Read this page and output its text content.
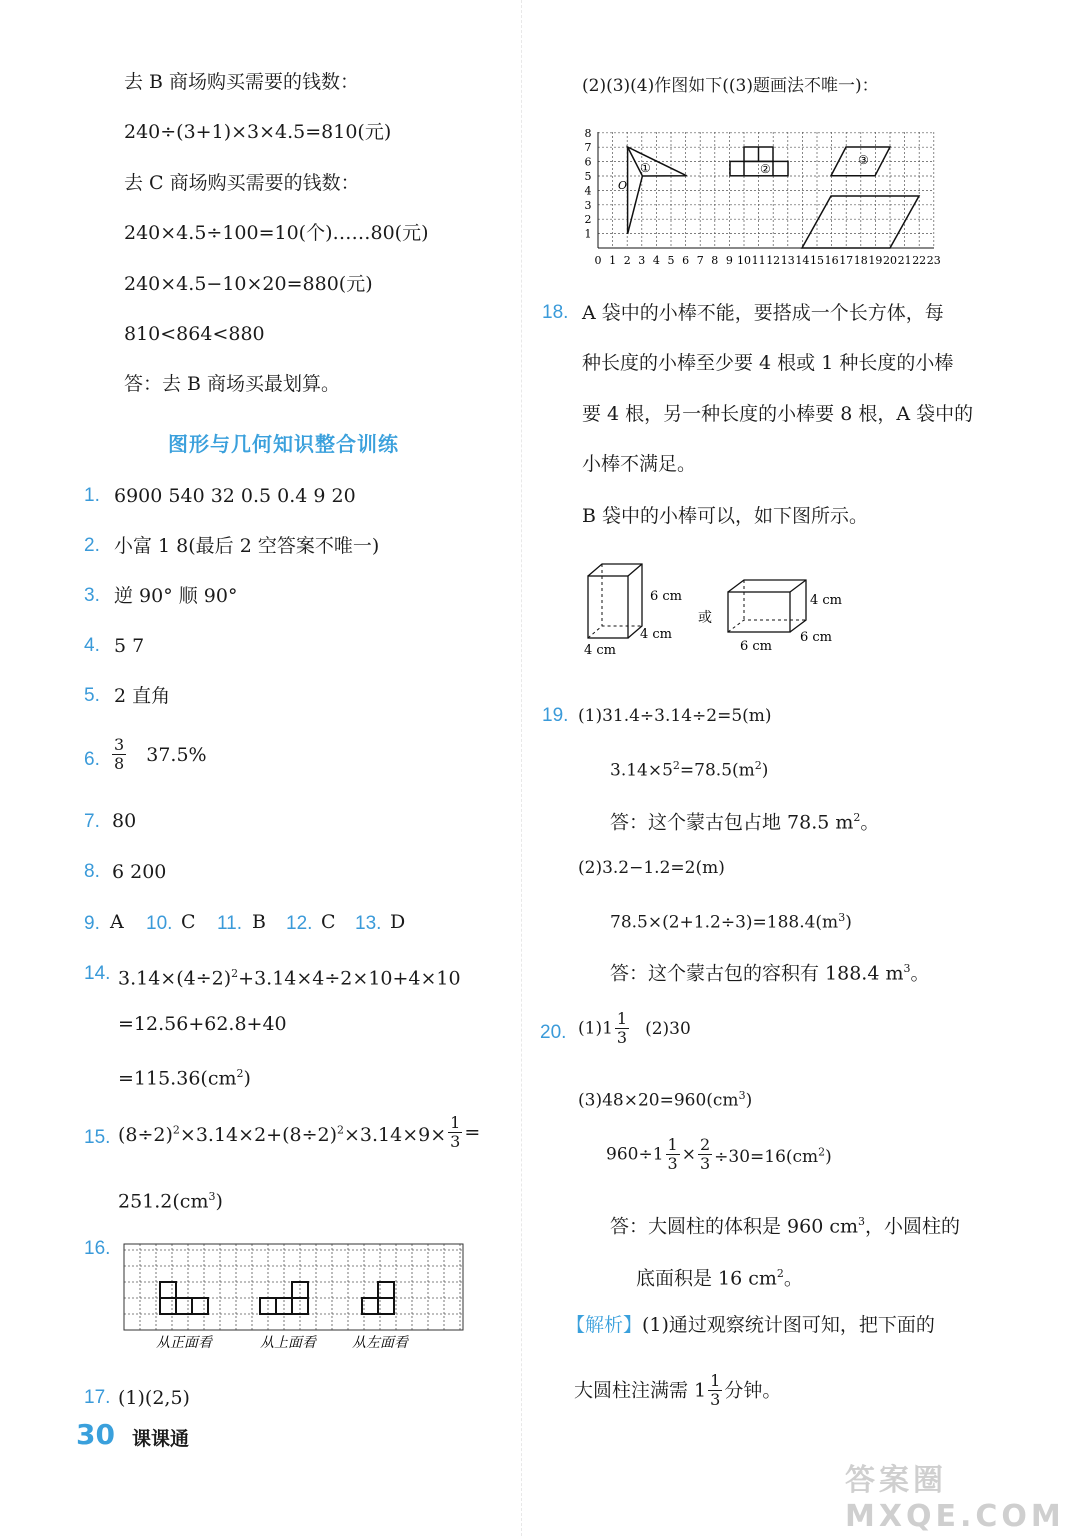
去 B 商场购买需要的钱数：
240÷(3+1)×3×4.5=810(元)
去 C 商场购买需要的钱数：
240×4.5÷100=10(个)……80(元)
240×4.5−10×20=880(元)
810<864<880
答：去 B 商场买最划算。
图形与几何知识整合训练
1. 6900 540 32 0.5 0.4 9 20
2. 小富 1 8(最后 2 空答案不唯一)
3. 逆 90° 顺 90°
4. 5 7
5. 2 直角
6. $\frac{3}{8} 37.5\%$
7. 80
8. 6 200
9. A 10. C 11. B 12. C 13. D
14. $3.14\times(4\div 2)^2+3.14\times 4\div 2\times 10+4\times 10$
=12.56+62.8+40
$=115.36(cm^2)$
15. $(8\div 2)^2\times 3.14\times 2+(8\div 2)^2\times 3.14\times 9\times \frac{1}{3}$ =
$251.2(cm^3)$
16.
从正面看	从上面看	从左面看
17. (1)(2,5)
30 课课通
(2)(3)(4)作图如下((3)题画法不唯一)：
0 1 2 3 4 5 6 7 8 9 10 11 12 13 14 15 16 17 18 19 20 21 22 23
1
2
3
4
5
6
7
8
①
O
②
③
18. A 袋中的小棒不能，要搭成一个长方体，每
种长度的小棒至少要 4 根或 1 种长度的小棒
要 4 根，另一种长度的小棒要 8 根，A 袋中的
小棒不满足。
B 袋中的小棒可以，如下图所示。
6 cm
4 cm
4 cm
或
4 cm
6 cm
6 cm
19. (1)31.4÷3.14÷2=5(m)
$3.14\times 5^2=78.5(m^2)$
答：这个蒙古包占地 78.5 $m^2$。
(2)3.2−1.2=2(m)
$78.5\times(2+1.2\div 3)=188.4(m^3)$
答：这个蒙古包的容积有 188.4 $m^3$。
20. $(1)1 \frac{1}{3} (2)30$
$(3)48\times 20=960(cm^3)$
$960\div 1 \frac{1}{3} \times \frac{2}{3} \div 30=16(cm^2)$
答：大圆柱的体积是 960 $cm^3$，小圆柱的
底面积是 16 $cm^2$。
【解析】(1)通过观察统计图可知，把下面的
大圆柱注满需 $1 \frac{1}{3}$ 分钟。
答案圈 MXQE.COM
